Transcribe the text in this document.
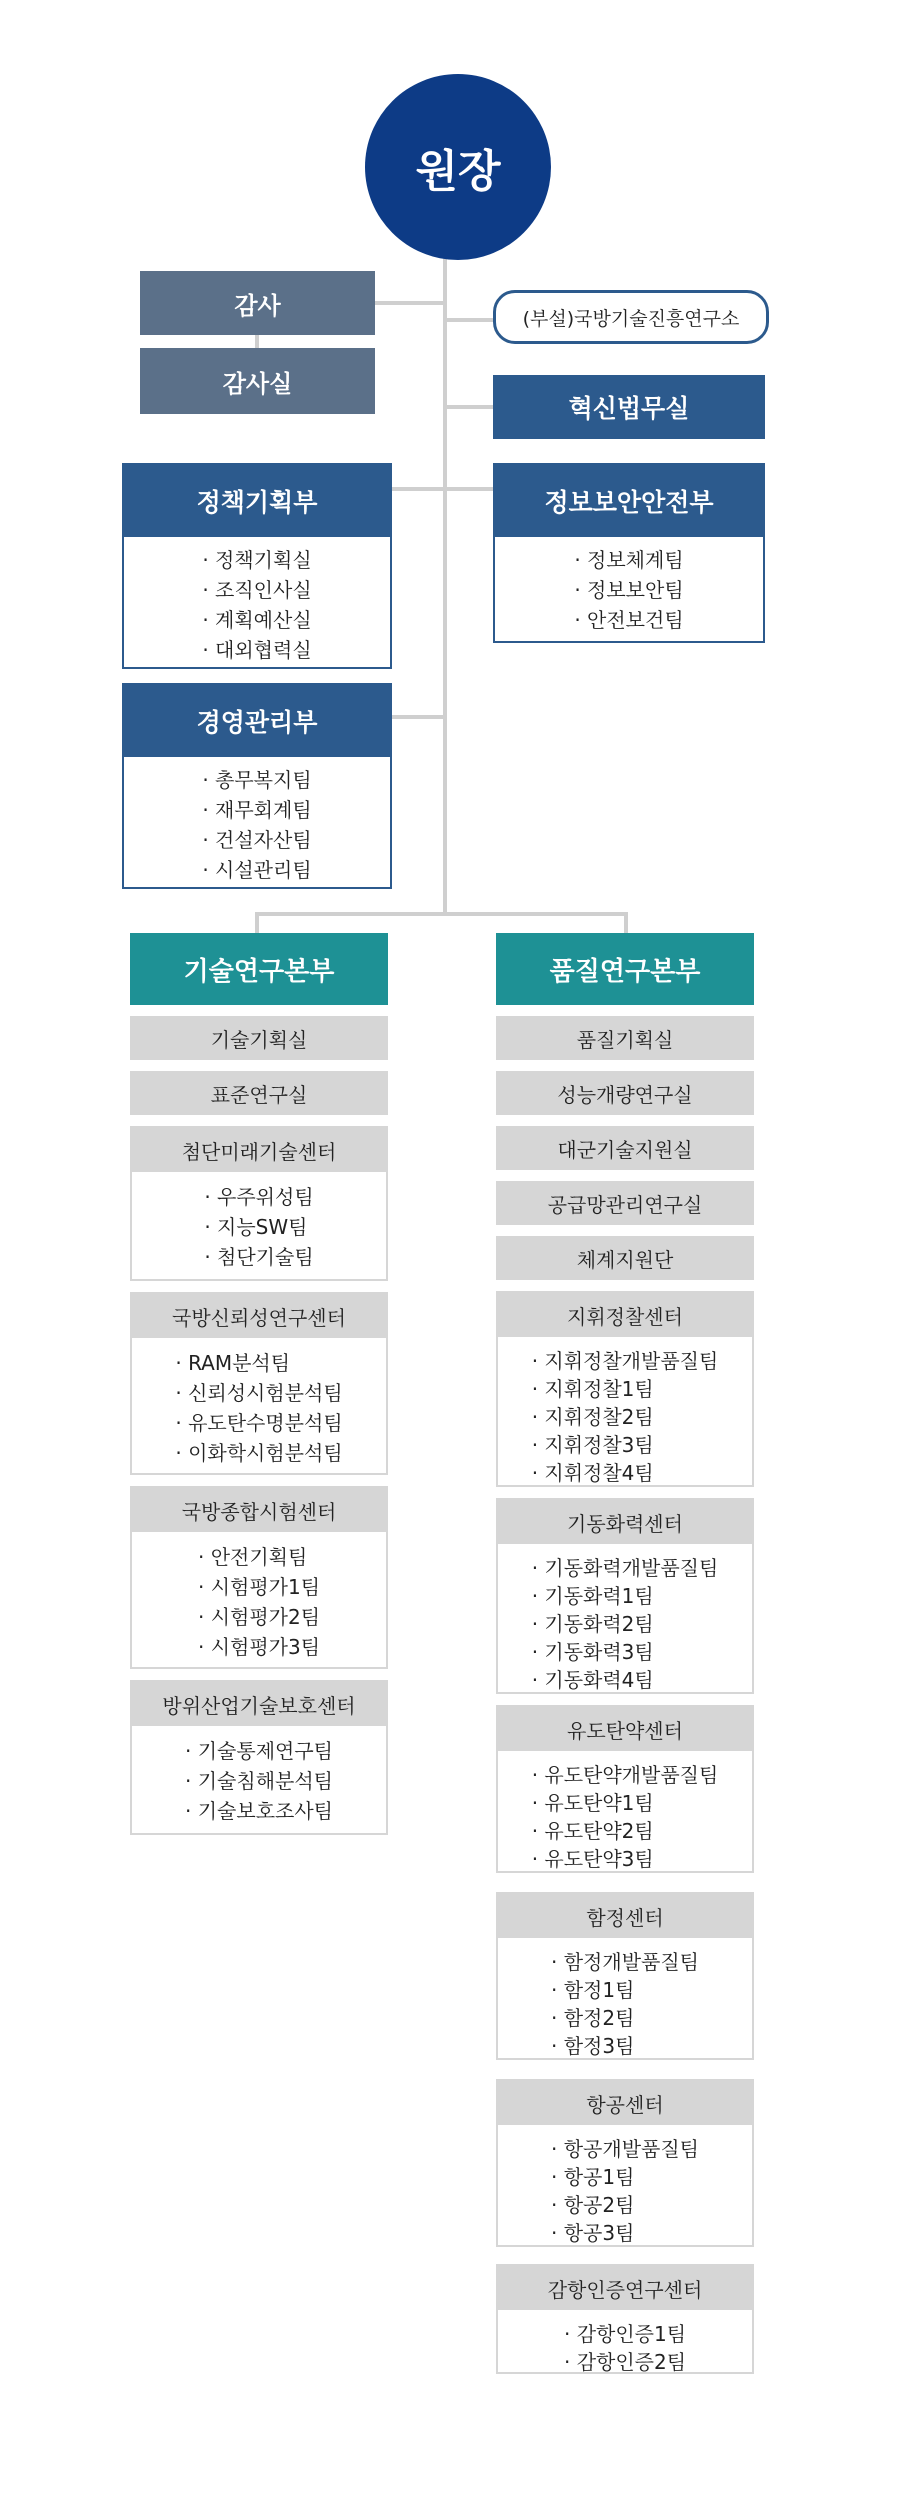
원장
감사
감사실
(부설)국방기술진흥연구소
혁신법무실
정책기획부
· 정책기획실
· 조직인사실
· 계획예산실
· 대외협력실
정보보안안전부
· 정보체계팀
· 정보보안팀
· 안전보건팀
경영관리부
· 총무복지팀
· 재무회계팀
· 건설자산팀
· 시설관리팀
기술연구본부
기술기획실
표준연구실
첨단미래기술센터
· 우주위성팀
· 지능SW팀
· 첨단기술팀
국방신뢰성연구센터
· RAM분석팀
· 신뢰성시험분석팀
· 유도탄수명분석팀
· 이화학시험분석팀
국방종합시험센터
· 안전기획팀
· 시험평가1팀
· 시험평가2팀
· 시험평가3팀
방위산업기술보호센터
· 기술통제연구팀
· 기술침해분석팀
· 기술보호조사팀
품질연구본부
품질기획실
성능개량연구실
대군기술지원실
공급망관리연구실
체계지원단
지휘정찰센터
· 지휘정찰개발품질팀
· 지휘정찰1팀
· 지휘정찰2팀
· 지휘정찰3팀
· 지휘정찰4팀
기동화력센터
· 기동화력개발품질팀
· 기동화력1팀
· 기동화력2팀
· 기동화력3팀
· 기동화력4팀
유도탄약센터
· 유도탄약개발품질팀
· 유도탄약1팀
· 유도탄약2팀
· 유도탄약3팀
함정센터
· 함정개발품질팀
· 함정1팀
· 함정2팀
· 함정3팀
항공센터
· 항공개발품질팀
· 항공1팀
· 항공2팀
· 항공3팀
감항인증연구센터
· 감항인증1팀
· 감항인증2팀
